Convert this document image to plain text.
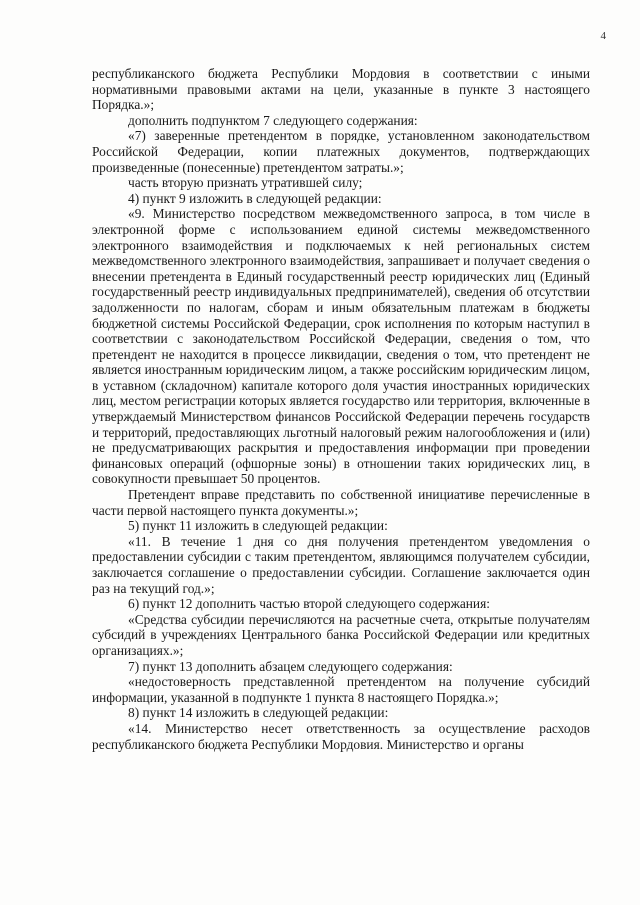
4

республиканского бюджета Республики Мордовия в соответствии с иными нормативными правовыми актами на цели, указанные в пункте 3 настоящего Порядка.»;

дополнить подпунктом 7 следующего содержания:

«7) заверенные претендентом в порядке, установленном законодательством Российской Федерации, копии платежных документов, подтверждающих произведенные (понесенные) претендентом затраты.»;

часть вторую признать утратившей силу;

4) пункт 9 изложить в следующей редакции:

«9. Министерство посредством межведомственного запроса, в том числе в электронной форме с использованием единой системы межведомственного электронного взаимодействия и подключаемых к ней региональных систем межведомственного электронного взаимодействия, запрашивает и получает сведения о внесении претендента в Единый государственный реестр юридических лиц (Единый государственный реестр индивидуальных предпринимателей), сведения об отсутствии задолженности по налогам, сборам и иным обязательным платежам в бюджеты бюджетной системы Российской Федерации, срок исполнения по которым наступил в соответствии с законодательством Российской Федерации, сведения о том, что претендент не находится в процессе ликвидации, сведения о том, что претендент не является иностранным юридическим лицом, а также российским юридическим лицом, в уставном (складочном) капитале которого доля участия иностранных юридических лиц, местом регистрации которых является государство или территория, включенные в утверждаемый Министерством финансов Российской Федерации перечень государств и территорий, предоставляющих льготный налоговый режим налогообложения и (или) не предусматривающих раскрытия и предоставления информации при проведении финансовых операций (офшорные зоны) в отношении таких юридических лиц, в совокупности превышает 50 процентов.

Претендент вправе представить по собственной инициативе перечисленные в части первой настоящего пункта документы.»;

5) пункт 11 изложить в следующей редакции:

«11. В течение 1 дня со дня получения претендентом уведомления о предоставлении субсидии с таким претендентом, являющимся получателем субсидии, заключается соглашение о предоставлении субсидии. Соглашение заключается один раз на текущий год.»;

6) пункт 12 дополнить частью второй следующего содержания:

«Средства субсидии перечисляются на расчетные счета, открытые получателям субсидий в учреждениях Центрального банка Российской Федерации или кредитных организациях.»;

7) пункт 13 дополнить абзацем следующего содержания:

«недостоверность представленной претендентом на получение субсидий информации, указанной в подпункте 1 пункта 8 настоящего Порядка.»;

8) пункт 14 изложить в следующей редакции:

«14. Министерство несет ответственность за осуществление расходов республиканского бюджета Республики Мордовия. Министерство и органы
